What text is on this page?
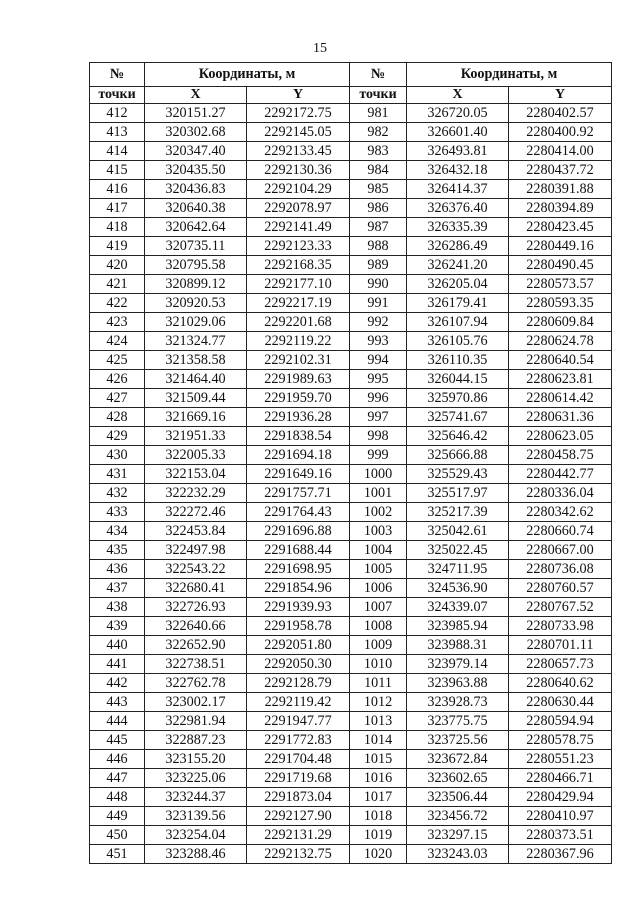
15
№	Координаты, м		№	Координаты, м	
точки	X	Y	точки	X	Y
412	320151.27	2292172.75	981	326720.05	2280402.57
413	320302.68	2292145.05	982	326601.40	2280400.92
414	320347.40	2292133.45	983	326493.81	2280414.00
415	320435.50	2292130.36	984	326432.18	2280437.72
416	320436.83	2292104.29	985	326414.37	2280391.88
417	320640.38	2292078.97	986	326376.40	2280394.89
418	320642.64	2292141.49	987	326335.39	2280423.45
419	320735.11	2292123.33	988	326286.49	2280449.16
420	320795.58	2292168.35	989	326241.20	2280490.45
421	320899.12	2292177.10	990	326205.04	2280573.57
422	320920.53	2292217.19	991	326179.41	2280593.35
423	321029.06	2292201.68	992	326107.94	2280609.84
424	321324.77	2292119.22	993	326105.76	2280624.78
425	321358.58	2292102.31	994	326110.35	2280640.54
426	321464.40	2291989.63	995	326044.15	2280623.81
427	321509.44	2291959.70	996	325970.86	2280614.42
428	321669.16	2291936.28	997	325741.67	2280631.36
429	321951.33	2291838.54	998	325646.42	2280623.05
430	322005.33	2291694.18	999	325666.88	2280458.75
431	322153.04	2291649.16	1000	325529.43	2280442.77
432	322232.29	2291757.71	1001	325517.97	2280336.04
433	322272.46	2291764.43	1002	325217.39	2280342.62
434	322453.84	2291696.88	1003	325042.61	2280660.74
435	322497.98	2291688.44	1004	325022.45	2280667.00
436	322543.22	2291698.95	1005	324711.95	2280736.08
437	322680.41	2291854.96	1006	324536.90	2280760.57
438	322726.93	2291939.93	1007	324339.07	2280767.52
439	322640.66	2291958.78	1008	323985.94	2280733.98
440	322652.90	2292051.80	1009	323988.31	2280701.11
441	322738.51	2292050.30	1010	323979.14	2280657.73
442	322762.78	2292128.79	1011	323963.88	2280640.62
443	323002.17	2292119.42	1012	323928.73	2280630.44
444	322981.94	2291947.77	1013	323775.75	2280594.94
445	322887.23	2291772.83	1014	323725.56	2280578.75
446	323155.20	2291704.48	1015	323672.84	2280551.23
447	323225.06	2291719.68	1016	323602.65	2280466.71
448	323244.37	2291873.04	1017	323506.44	2280429.94
449	323139.56	2292127.90	1018	323456.72	2280410.97
450	323254.04	2292131.29	1019	323297.15	2280373.51
451	323288.46	2292132.75	1020	323243.03	2280367.96
